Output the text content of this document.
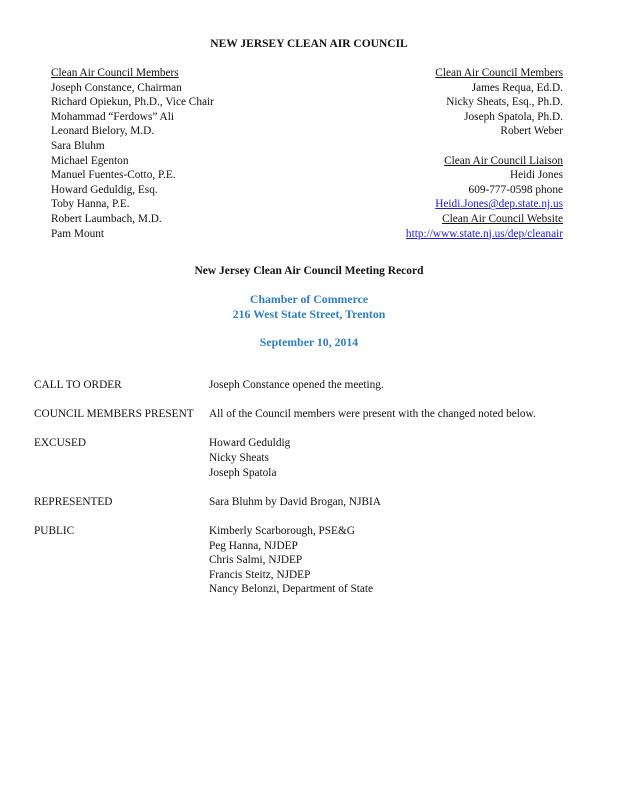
NEW JERSEY CLEAN AIR COUNCIL
Clean Air Council Members
Joseph Constance, Chairman
Richard Opiekun, Ph.D., Vice Chair
Mohammad “Ferdows” Ali
Leonard Bielory, M.D.
Sara Bluhm
Michael Egenton
Manuel Fuentes-Cotto, P.E.
Howard Geduldig, Esq.
Toby Hanna, P.E.
Robert Laumbach, M.D.
Pam Mount
Clean Air Council Members
James Requa, Ed.D.
Nicky Sheats, Esq., Ph.D.
Joseph Spatola, Ph.D.
Robert Weber
Clean Air Council Liaison
Heidi Jones
609-777-0598 phone
Heidi.Jones@dep.state.nj.us
Clean Air Council Website
http://www.state.nj.us/dep/cleanair
New Jersey Clean Air Council Meeting Record
Chamber of Commerce
216 West State Street, Trenton
September 10, 2014
CALL TO ORDER	Joseph Constance opened the meeting.
COUNCIL MEMBERS PRESENT All of the Council members were present with the changed noted below.
EXCUSED	Howard Geduldig
Nicky Sheats
Joseph Spatola
REPRESENTED	Sara Bluhm by David Brogan, NJBIA
PUBLIC	Kimberly Scarborough, PSE&G
Peg Hanna, NJDEP
Chris Salmi, NJDEP
Francis Steitz, NJDEP
Nancy Belonzi, Department of State
